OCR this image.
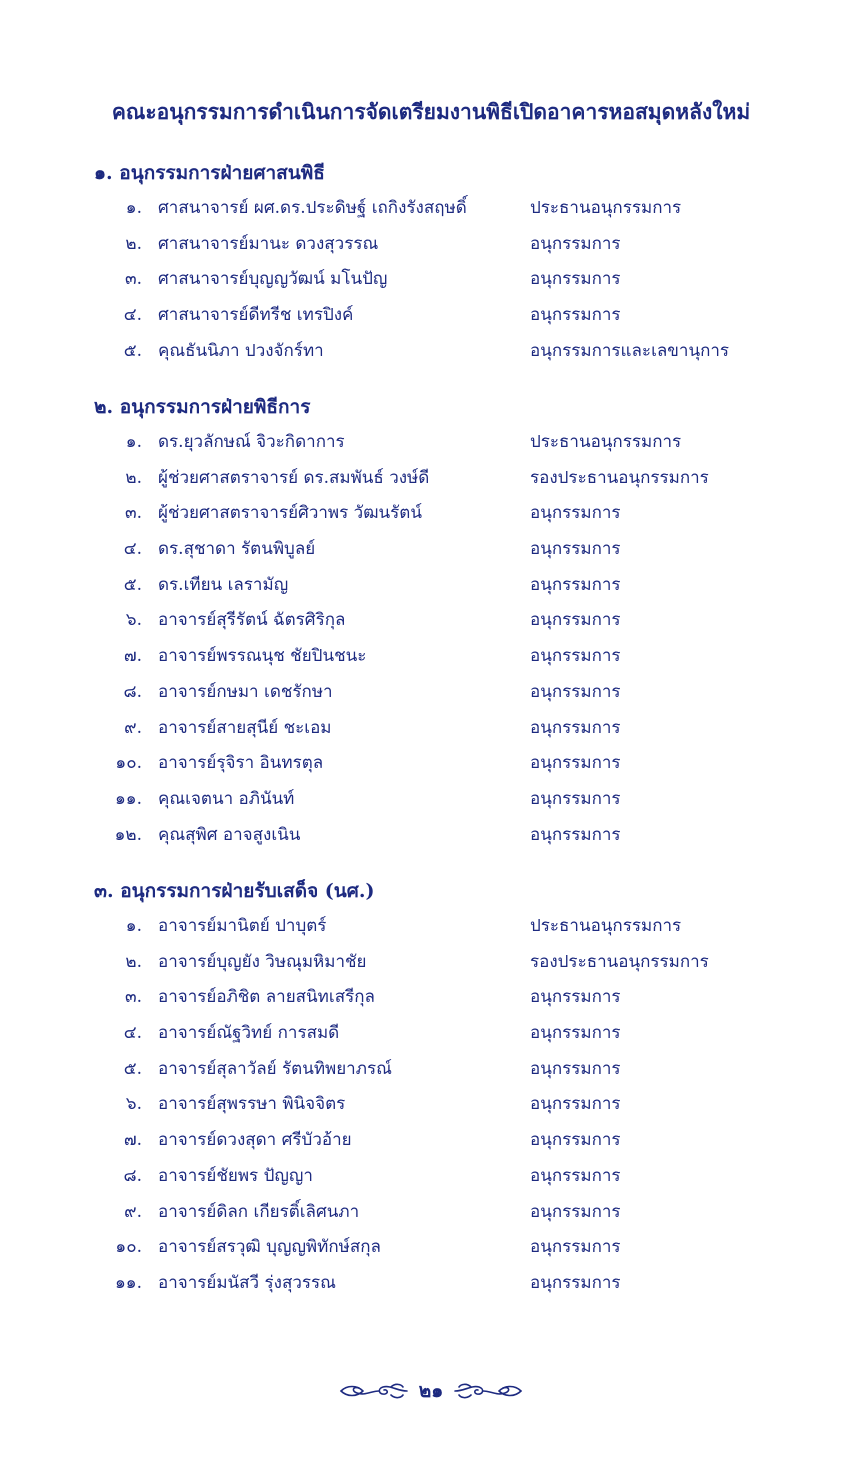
คณะอนุกรรมการดำเนินการจัดเตรียมงานพิธีเปิดอาคารหอสมุดหลังใหม่
๑. อนุกรรมการฝ่ายศาสนพิธี
๑. ศาสนาจารย์ ผศ.ดร.ประดิษฐ์ เถกิงรังสฤษดิ์	ประธานอนุกรรมการ
๒. ศาสนาจารย์มานะ ดวงสุวรรณ	อนุกรรมการ
๓. ศาสนาจารย์บุญญวัฒน์ มโนปัญ	อนุกรรมการ
๔. ศาสนาจารย์ดีทรีช เทรปิงค์	อนุกรรมการ
๕. คุณธันนิภา ปวงจักร์ทา	อนุกรรมการและเลขานุการ
๒. อนุกรรมการฝ่ายพิธีการ
๑. ดร.ยุวลักษณ์ จิวะกิดาการ	ประธานอนุกรรมการ
๒. ผู้ช่วยศาสตราจารย์ ดร.สมพันธ์ วงษ์ดี	รองประธานอนุกรรมการ
๓. ผู้ช่วยศาสตราจารย์ศิวาพร วัฒนรัตน์	อนุกรรมการ
๔. ดร.สุชาดา รัตนพิบูลย์	อนุกรรมการ
๕. ดร.เทียน เลรามัญ	อนุกรรมการ
๖. อาจารย์สุรีรัตน์ ฉัตรศิริกุล	อนุกรรมการ
๗. อาจารย์พรรณนุช ชัยปินชนะ	อนุกรรมการ
๘. อาจารย์กษมา เดชรักษา	อนุกรรมการ
๙. อาจารย์สายสุนีย์ ชะเอม	อนุกรรมการ
๑๐. อาจารย์รุจิรา อินทรตุล	อนุกรรมการ
๑๑. คุณเจตนา อภินันท์	อนุกรรมการ
๑๒. คุณสุพิศ อาจสูงเนิน	อนุกรรมการ
๓. อนุกรรมการฝ่ายรับเสด็จ (นศ.)
๑. อาจารย์มานิตย์ ปาบุตร์	ประธานอนุกรรมการ
๒. อาจารย์บุญยัง วิษณุมหิมาชัย	รองประธานอนุกรรมการ
๓. อาจารย์อภิชิต ลายสนิทเสรีกุล	อนุกรรมการ
๔. อาจารย์ณัฐวิทย์ การสมดี	อนุกรรมการ
๕. อาจารย์สุลาวัลย์ รัตนทิพยาภรณ์	อนุกรรมการ
๖. อาจารย์สุพรรษา พินิจจิตร	อนุกรรมการ
๗. อาจารย์ดวงสุดา ศรีบัวอ้าย	อนุกรรมการ
๘. อาจารย์ชัยพร ปัญญา	อนุกรรมการ
๙. อาจารย์ดิลก เกียรติ์เลิศนภา	อนุกรรมการ
๑๐. อาจารย์สรวุฒิ บุญญพิทักษ์สกุล	อนุกรรมการ
๑๑. อาจารย์มนัสวี รุ่งสุวรรณ	อนุกรรมการ
๒๑
